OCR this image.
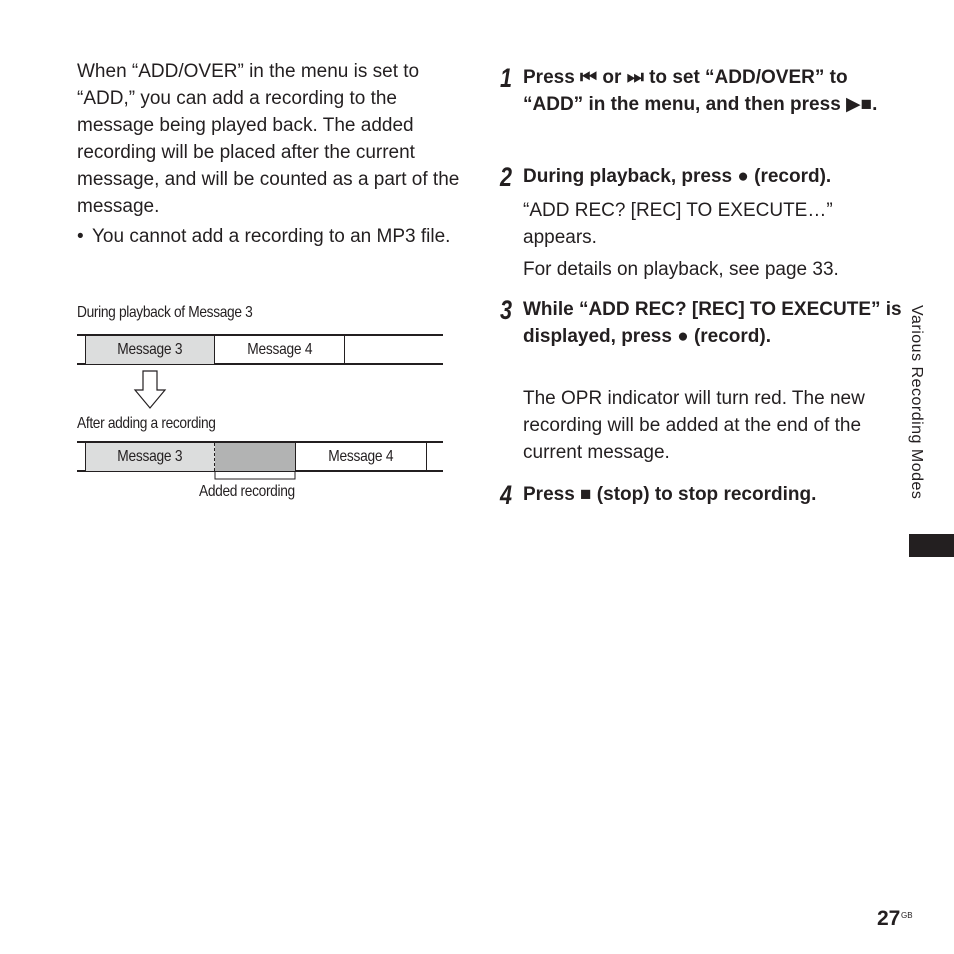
When “ADD/OVER” in the menu is set to “ADD,” you can add a recording to the message being played back. The added recording will be placed after the current message, and will be counted as a part of the message.

• You cannot add a recording to an MP3 file.
During playback of Message 3
Message 3	Message 4
After adding a recording
Message 3	Message 4
Added recording
1 Press ⏮ or ⏭ to set “ADD/OVER” to “ADD” in the menu, and then press ▶■.
2 During playback, press ● (record).
“ADD REC? [REC] TO EXECUTE…” appears.
For details on playback, see page 33.
3 While “ADD REC? [REC] TO EXECUTE” is displayed, press ● (record).
The OPR indicator will turn red. The new recording will be added at the end of the current message.
4 Press ■ (stop) to stop recording.	Various Recording Modes
27 GB
